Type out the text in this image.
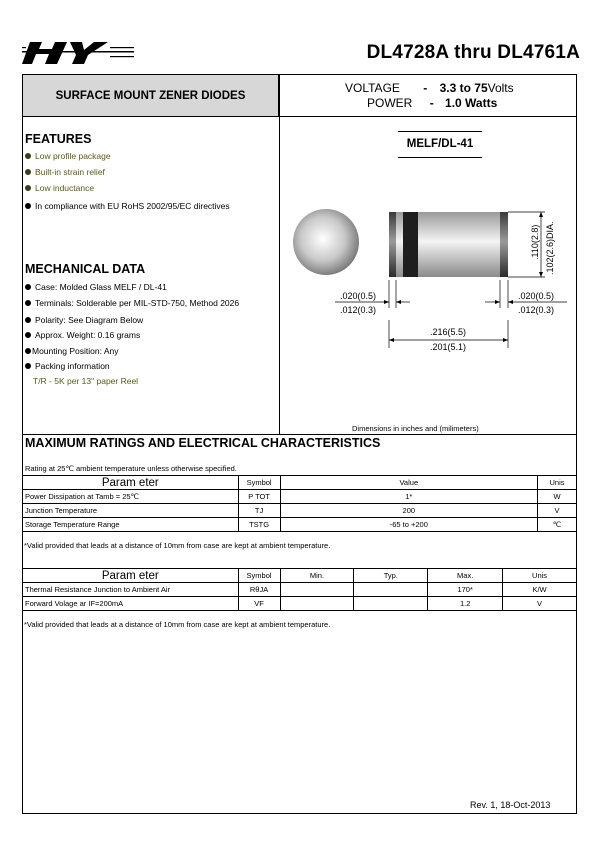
DL4728A thru DL4761A
SURFACE MOUNT ZENER DIODES
VOLTAGE - 3.3 to 75Volts
POWER - 1.0 Watts
FEATURES
Low profile package
Built-in strain relief
Low inductance
In compliance with EU RoHS 2002/95/EC directives
MECHANICAL DATA
Case: Molded Glass MELF / DL-41
Terminals: Solderable per MIL-STD-750, Method 2026
Polarity: See Diagram Below
Approx. Weight: 0.16 grams
Mounting Position: Any
Packing information
T/R - 5K per 13" paper Reel
MELF/DL-41
.110(2.8) .102(2.6)DIA.
.020(0.5)
.012(0.3)
.020(0.5)
.012(0.3)
.216(5.5)
.201(5.1)
Dimensions in inches and (milimeters)
MAXIMUM RATINGS AND ELECTRICAL CHARACTERISTICS
Rating at 25℃ ambient temperature unless otherwise specified.
Param eter	Symbol	Value	Unis
Power Dissipation at Tamb = 25℃	P TOT	1*	W
Junction Temperature	TJ	200	V
Storage Temperature Range	TSTG	-65 to +200	℃
*Valid provided that leads at a distance of 10mm from case are kept at ambient temperature.
Param eter	Symbol	Min.	Typ.	Max.	Unis
Thermal Resistance Junction to Ambient Air	RθJA			170*	K/W
Forward Volage ar IF=200mA	VF			1.2	V
*Valid provided that leads at a distance of 10mm from case are kept at ambient temperature.
Rev. 1, 18-Oct-2013
